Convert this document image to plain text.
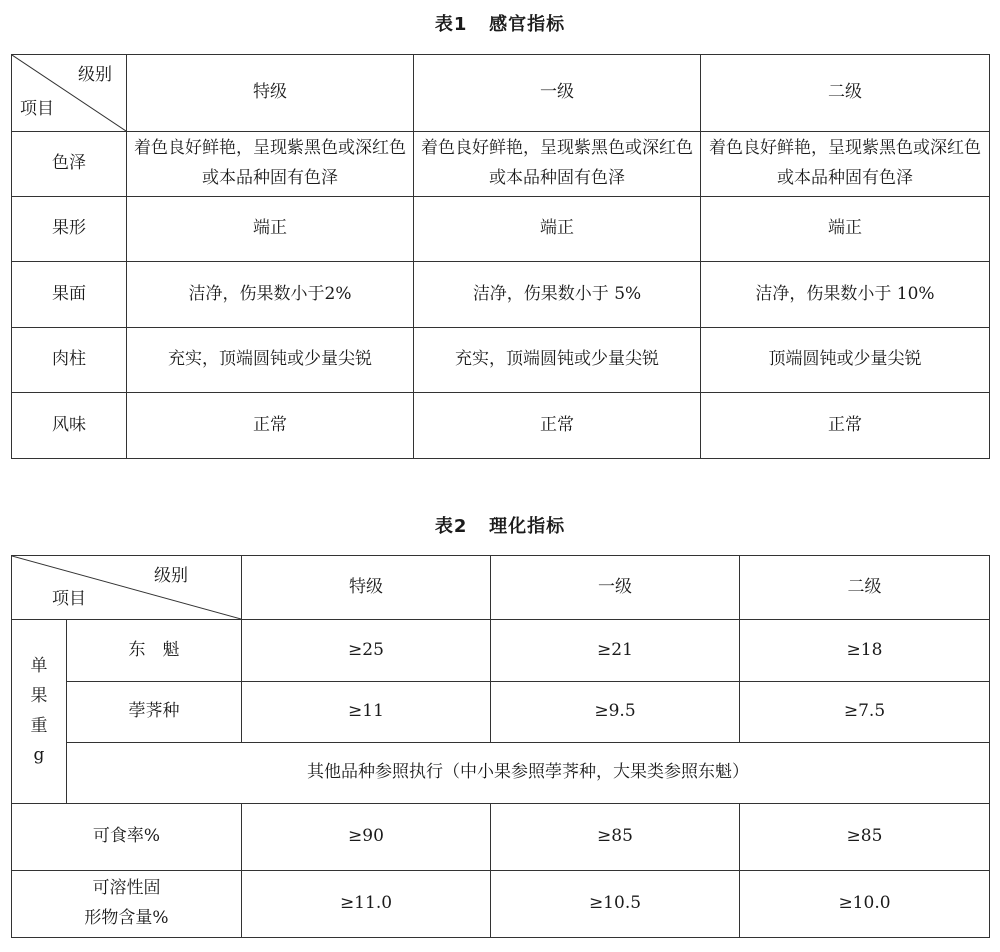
表1 感官指标
级别
项目	特级	一级	二级
色泽	着色良好鲜艳，呈现紫黑色或深红色或本品种固有色泽	着色良好鲜艳，呈现紫黑色或深红色或本品种固有色泽	着色良好鲜艳，呈现紫黑色或深红色或本品种固有色泽
果形	端正	端正	端正
果面	洁净，伤果数小于2%	洁净，伤果数小于 5%	洁净，伤果数小于 10%
肉柱	充实，顶端圆钝或少量尖锐	充实，顶端圆钝或少量尖锐	顶端圆钝或少量尖锐
风味	正常	正常	正常
表2 理化指标
级别
项目		特级	一级	二级

单
果
重
g	东　魁	≥25	≥21	≥18
	荸荠种	≥11	≥9.5	≥7.5
	其他品种参照执行（中小果参照荸荠种，大果类参照东魁）			
可食率%		≥90	≥85	≥85

可溶性固
形物含量%		≥11.0	≥10.5	≥10.0
